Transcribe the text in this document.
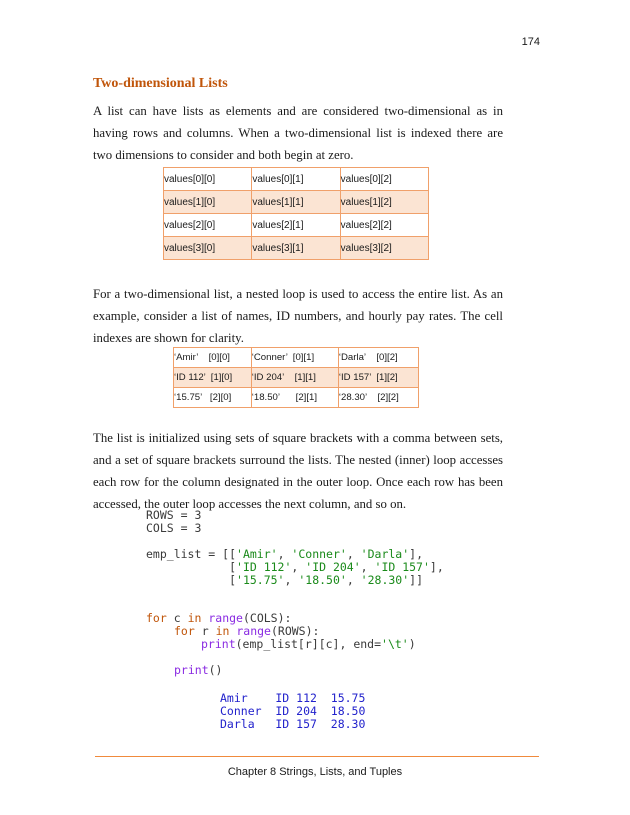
174
Two-dimensional Lists

A list can have lists as elements and are considered two-dimensional as in having rows and columns. When a two-dimensional list is indexed there are two dimensions to consider and both begin at zero.

values[0][0]	values[0][1]	values[0][2]
values[1][0]	values[1][1]	values[1][2]
values[2][0]	values[2][1]	values[2][2]
values[3][0]	values[3][1]	values[3][2]

For a two-dimensional list, a nested loop is used to access the entire list. As an example, consider a list of names, ID numbers, and hourly pay rates. The cell indexes are shown for clarity.

‘Amir’    [0][0]	‘Conner’  [0][1]	‘Darla’    [0][2]
‘ID 112’  [1][0]	‘ID 204’    [1][1]	‘ID 157’  [1][2]
‘15.75’   [2][0]	‘18.50’      [2][1]	‘28.30’    [2][2]

The list is initialized using sets of square brackets with a comma between sets, and a set of square brackets surround the lists. The nested (inner) loop accesses each row for the column designated in the outer loop. Once each row has been accessed, the outer loop accesses the next column, and so on.

ROWS = 3
COLS = 3
emp_list = [['Amir', 'Conner', 'Darla'],
['ID 112', 'ID 204', 'ID 157'],
['15.75', '18.50', '28.30']]
for c in range(COLS):
for r in range(ROWS):
print(emp_list[r][c], end='\t')
print()
Amir    ID 112  15.75
Conner  ID 204  18.50
Darla   ID 157  28.30
Chapter 8 Strings, Lists, and Tuples
